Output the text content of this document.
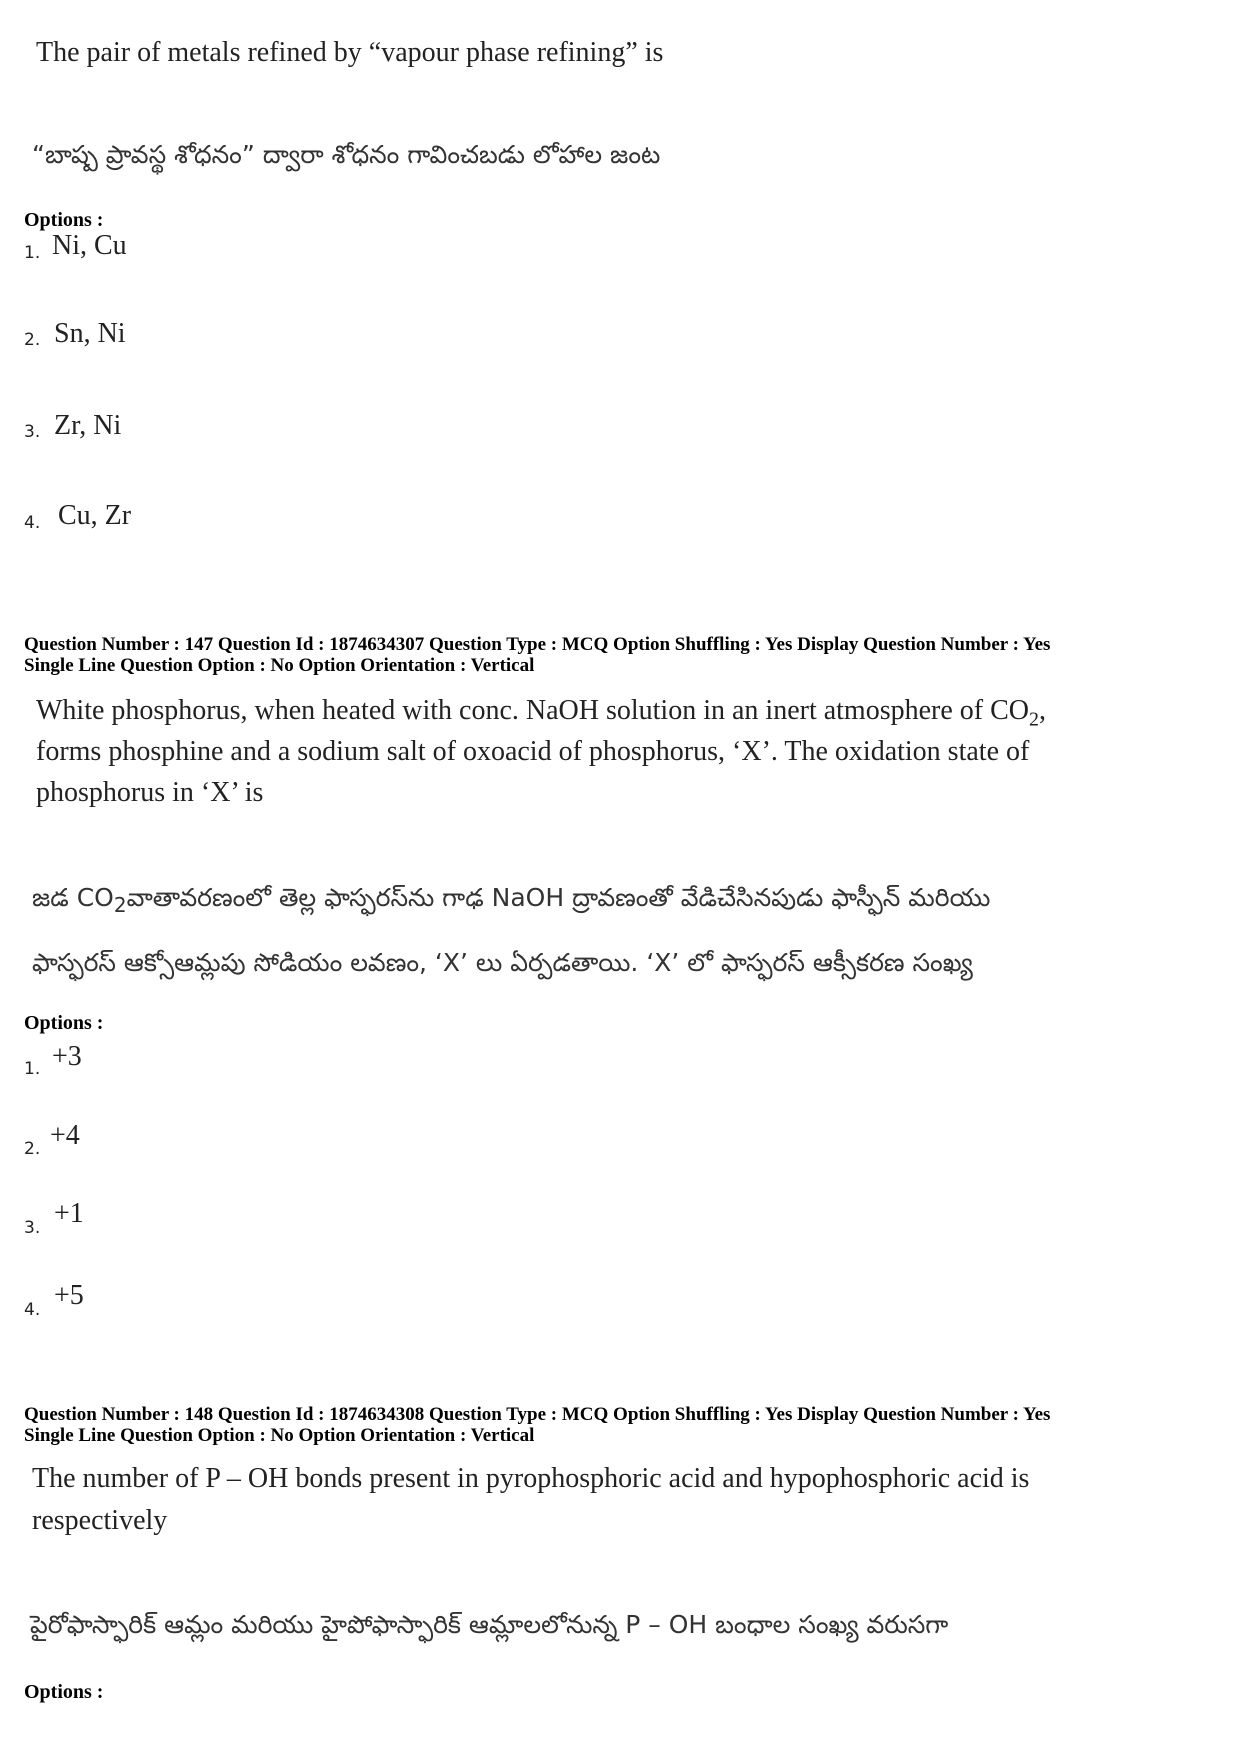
The pair of metals refined by “vapour phase refining” is
“బాష్ప ప్రావస్థ శోధనం” ద్వారా శోధనం గావించబడు లోహాల జంట
Options :
1. Ni, Cu
2. Sn, Ni
3. Zr, Ni
4. Cu, Zr
Question Number : 147 Question Id : 1874634307 Question Type : MCQ Option Shuffling : Yes Display Question Number : Yes
Single Line Question Option : No Option Orientation : Vertical
White phosphorus, when heated with conc. NaOH solution in an inert atmosphere of $CO_2$,
forms phosphine and a sodium salt of oxoacid of phosphorus, ‘X’. The oxidation state of
phosphorus in ‘X’ is
జడ $CO_2వాతావరణంలో$ తెల్ల ఫాస్ఫరస్‌ను గాఢ NaOH ద్రావణంతో వేడిచేసినపుడు ఫాస్ఫీన్ మరియు
ఫాస్ఫరస్ ఆక్సోఆమ్లపు సోడియం లవణం, ‘X’ లు ఏర్పడతాయి. ‘X’ లో ఫాస్ఫరస్ ఆక్సీకరణ సంఖ్య
Options :
1. +3
2. +4
3. +1
4. +5
Question Number : 148 Question Id : 1874634308 Question Type : MCQ Option Shuffling : Yes Display Question Number : Yes
Single Line Question Option : No Option Orientation : Vertical
The number of P – OH bonds present in pyrophosphoric acid and hypophosphoric acid is
respectively
పైరోఫాస్ఫారిక్ ఆమ్లం మరియు హైపోఫాస్ఫారిక్ ఆమ్లాలలోనున్న P – OH బంధాల సంఖ్య వరుసగా
Options :
